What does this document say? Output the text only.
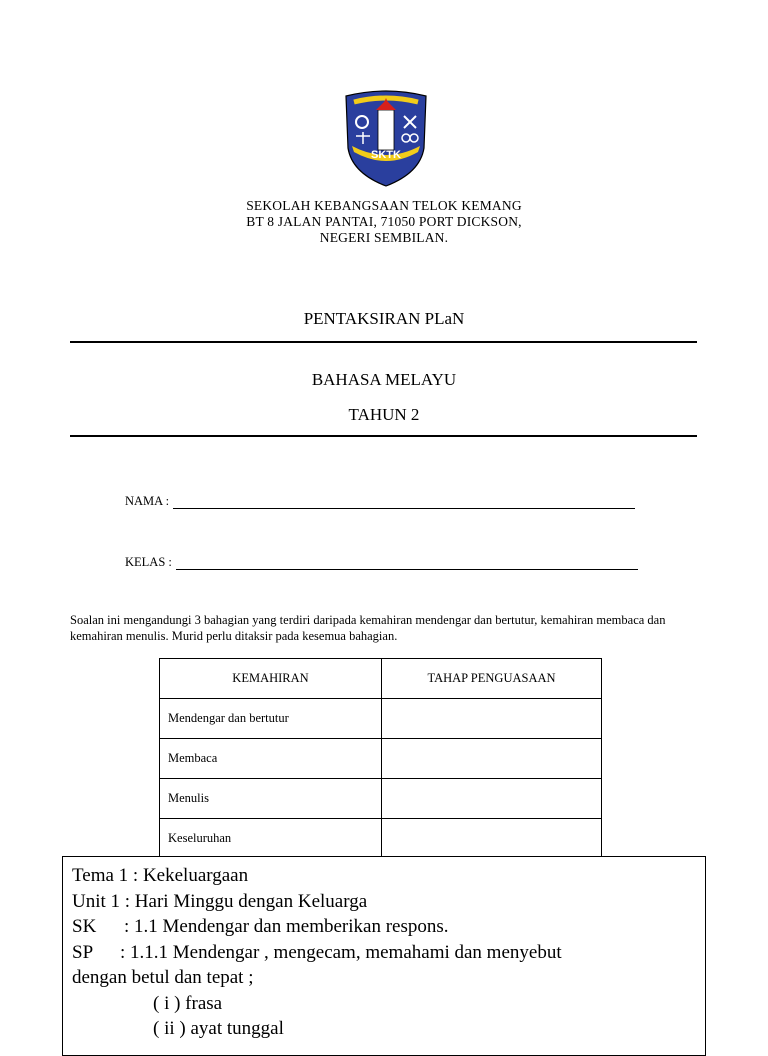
SKTK
SEKOLAH KEBANGSAAN TELOK KEMANG
BT 8 JALAN PANTAI, 71050 PORT DICKSON,
NEGERI SEMBILAN.
PENTAKSIRAN PLaN
BAHASA MELAYU
TAHUN 2
NAMA :
KELAS :
Soalan ini mengandungi 3 bahagian yang terdiri daripada kemahiran mendengar dan bertutur, kemahiran membaca dan kemahiran menulis. Murid perlu ditaksir pada kesemua bahagian.
KEMAHIRAN	TAHAP PENGUASAAN
Mendengar dan bertutur	
Membaca	
Menulis	
Keseluruhan	
Tema 1 : Kekeluargaan
Unit 1 : Hari Minggu dengan Keluarga
SK : 1.1 Mendengar dan memberikan respons.
SP : 1.1.1 Mendengar , mengecam, memahami dan menyebut
dengan betul dan tepat ;
( i ) frasa
( ii ) ayat tunggal
